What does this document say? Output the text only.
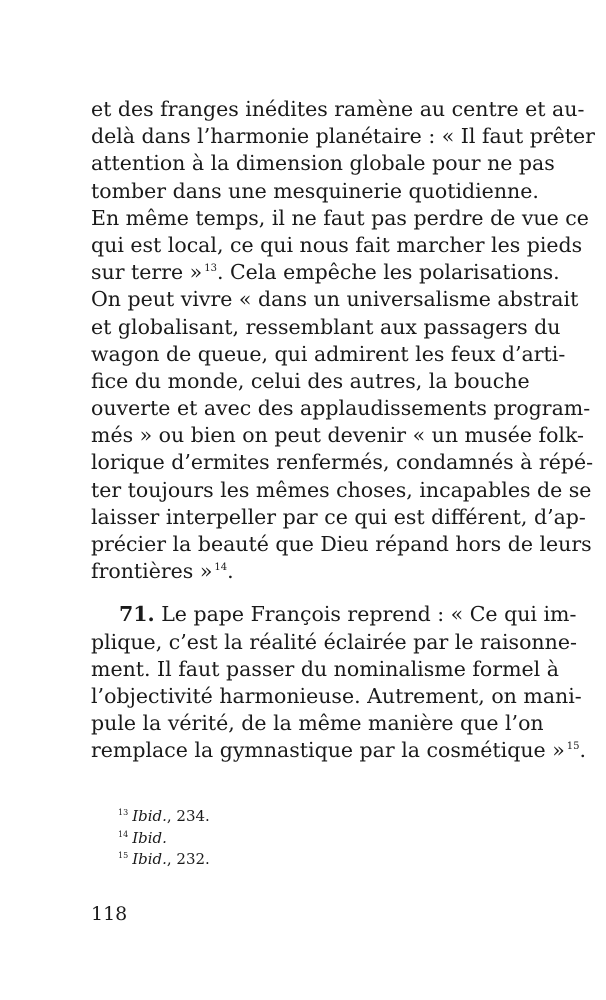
et des franges inédites ramène au centre et au-
delà dans l’harmonie planétaire : « Il faut prêter
attention à la dimension globale pour ne pas
tomber dans une mesquinerie quotidienne.
En même temps, il ne faut pas perdre de vue ce
qui est local, ce qui nous fait marcher les pieds
sur terre » $^{13}$. Cela empêche les polarisations.
On peut vivre « dans un universalisme abstrait
et globalisant, ressemblant aux passagers du
wagon de queue, qui admirent les feux d’arti-
fice du monde, celui des autres, la bouche
ouverte et avec des applaudissements program-
més » ou bien on peut devenir « un musée folk-
lorique d’ermites renfermés, condamnés à répé-
ter toujours les mêmes choses, incapables de se
laisser interpeller par ce qui est différent, d’ap-
précier la beauté que Dieu répand hors de leurs
frontières » $^{14}$.
71. Le pape François reprend : « Ce qui im-
plique, c’est la réalité éclairée par le raisonne-
ment. Il faut passer du nominalisme formel à
l’objectivité harmonieuse. Autrement, on mani-
pule la vérité, de la même manière que l’on
remplace la gymnastique par la cosmétique » $^{15}$.
$^{13}$ Ibid., 234.
$^{14}$ Ibid.
$^{15}$ Ibid., 232.
118
